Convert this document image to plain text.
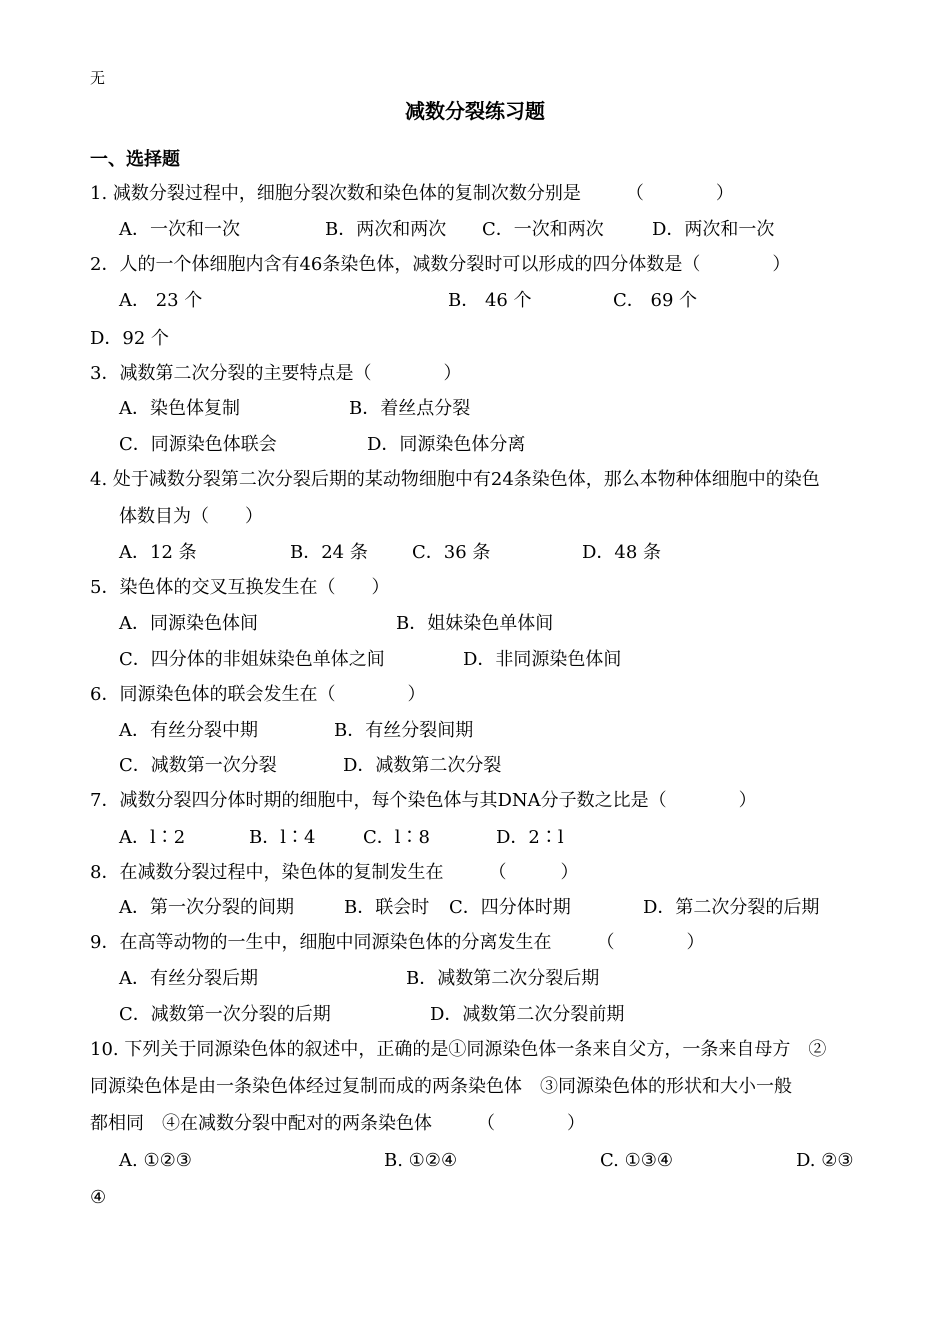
无
减数分裂练习题
一、选择题
1. 减数分裂过程中，细胞分裂次数和染色体的复制次数分别是　　　（　　　　）
A．一次和一次	B．两次和两次 C．一次和两次	D．两次和一次
2．人的一个体细胞内含有46条染色体，减数分裂时可以形成的四分体数是（　　　　）
A． 23 个	B． 46 个	C． 69 个
D．92 个
3．减数第二次分裂的主要特点是（　　　　）
A．染色体复制	B．着丝点分裂
C．同源染色体联会	D．同源染色体分离
4. 处于减数分裂第二次分裂后期的某动物细胞中有24条染色体，那么本物种体细胞中的染色
体数目为（　　）
A．12 条	B．24 条 C．36 条	D．48 条
5．染色体的交叉互换发生在（　　）
A．同源染色体间	B．姐妹染色单体间
C．四分体的非姐妹染色单体之间	D．非同源染色体间
6．同源染色体的联会发生在（　　　　）
A．有丝分裂中期	B．有丝分裂间期
C．减数第一次分裂	D．减数第二次分裂
7．减数分裂四分体时期的细胞中，每个染色体与其DNA分子数之比是（　　　　）
A．l∶2	B．l∶4	C．l∶8	D．2∶l
8．在减数分裂过程中，染色体的复制发生在　　　（　　　）
A．第一次分裂的间期	B．联会时 C．四分体时期	D．第二次分裂的后期
9．在高等动物的一生中，细胞中同源染色体的分离发生在　　　（　　　　）
A．有丝分裂后期	B．减数第二次分裂后期
C．减数第一次分裂的后期	D．减数第二次分裂前期
10. 下列关于同源染色体的叙述中，正确的是①同源染色体一条来自父方，一条来自母方　②
同源染色体是由一条染色体经过复制而成的两条染色体　③同源染色体的形状和大小一般
都相同　④在减数分裂中配对的两条染色体　　　（　　　　）
A. ①②③	B. ①②④	C. ①③④	D. ②③
④
